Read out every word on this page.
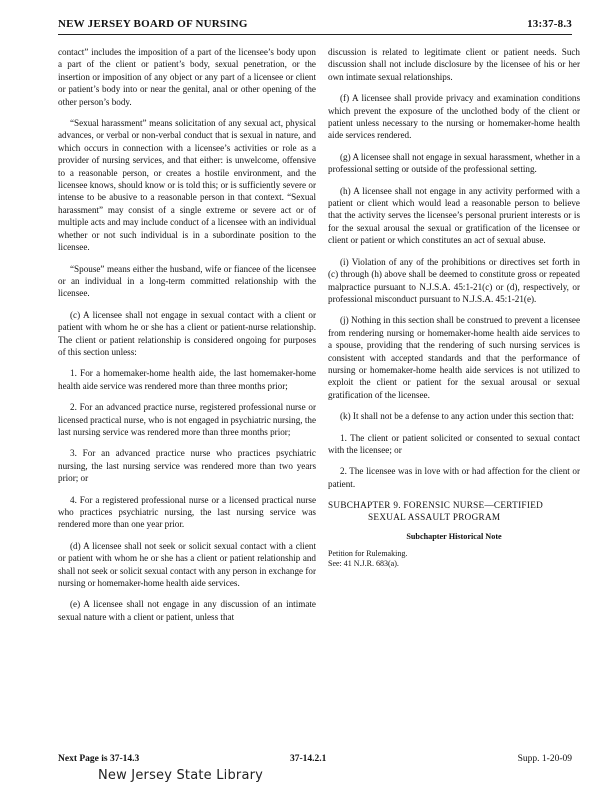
NEW JERSEY BOARD OF NURSING	13:37-8.3

contact” includes the imposition of a part of the licensee’s body upon a part of the client or patient’s body, sexual penetration, or the insertion or imposition of any object or any part of a licensee or client or patient’s body into or near the genital, anal or other opening of the other person’s body.

“Sexual harassment” means solicitation of any sexual act, physical advances, or verbal or non-verbal conduct that is sexual in nature, and which occurs in connection with a licensee’s activities or role as a provider of nursing services, and that either: is unwelcome, offensive to a reasonable person, or creates a hostile environment, and the licensee knows, should know or is told this; or is sufficiently severe or intense to be abusive to a reasonable person in that context. “Sexual harassment” may consist of a single extreme or severe act or of multiple acts and may include conduct of a licensee with an individual whether or not such individual is in a subordinate position to the licensee.

“Spouse” means either the husband, wife or fiancee of the licensee or an individual in a long-term committed relationship with the licensee.

(c) A licensee shall not engage in sexual contact with a client or patient with whom he or she has a client or patient-nurse relationship. The client or patient relationship is considered ongoing for purposes of this section unless:

1. For a homemaker-home health aide, the last homemaker-home health aide service was rendered more than three months prior;

2. For an advanced practice nurse, registered professional nurse or licensed practical nurse, who is not engaged in psychiatric nursing, the last nursing service was rendered more than three months prior;

3. For an advanced practice nurse who practices psychiatric nursing, the last nursing service was rendered more than two years prior; or

4. For a registered professional nurse or a licensed practical nurse who practices psychiatric nursing, the last nursing service was rendered more than one year prior.

(d) A licensee shall not seek or solicit sexual contact with a client or patient with whom he or she has a client or patient relationship and shall not seek or solicit sexual contact with any person in exchange for nursing or homemaker-home health aide services.

(e) A licensee shall not engage in any discussion of an intimate sexual nature with a client or patient, unless that

discussion is related to legitimate client or patient needs. Such discussion shall not include disclosure by the licensee of his or her own intimate sexual relationships.

(f) A licensee shall provide privacy and examination conditions which prevent the exposure of the unclothed body of the client or patient unless necessary to the nursing or homemaker-home health aide services rendered.

(g) A licensee shall not engage in sexual harassment, whether in a professional setting or outside of the professional setting.

(h) A licensee shall not engage in any activity performed with a patient or client which would lead a reasonable person to believe that the activity serves the licensee’s personal prurient interests or is for the sexual arousal the sexual or gratification of the licensee or client or patient or which constitutes an act of sexual abuse.

(i) Violation of any of the prohibitions or directives set forth in (c) through (h) above shall be deemed to constitute gross or repeated malpractice pursuant to N.J.S.A. 45:1-21(c) or (d), respectively, or professional misconduct pursuant to N.J.S.A. 45:1-21(e).

(j) Nothing in this section shall be construed to prevent a licensee from rendering nursing or homemaker-home health aide services to a spouse, providing that the rendering of such nursing services is consistent with accepted standards and that the performance of nursing or homemaker-home health aide services is not utilized to exploit the client or patient for the sexual arousal or sexual gratification of the licensee.

(k) It shall not be a defense to any action under this section that:

1. The client or patient solicited or consented to sexual contact with the licensee; or

2. The licensee was in love with or had affection for the client or patient.

SUBCHAPTER 9. FORENSIC NURSE—CERTIFIED
SEXUAL ASSAULT PROGRAM
Subchapter Historical Note
Petition for Rulemaking.
See: 41 N.J.R. 683(a).
Next Page is 37-14.3	37-14.2.1	Supp. 1-20-09
New Jersey State Library
